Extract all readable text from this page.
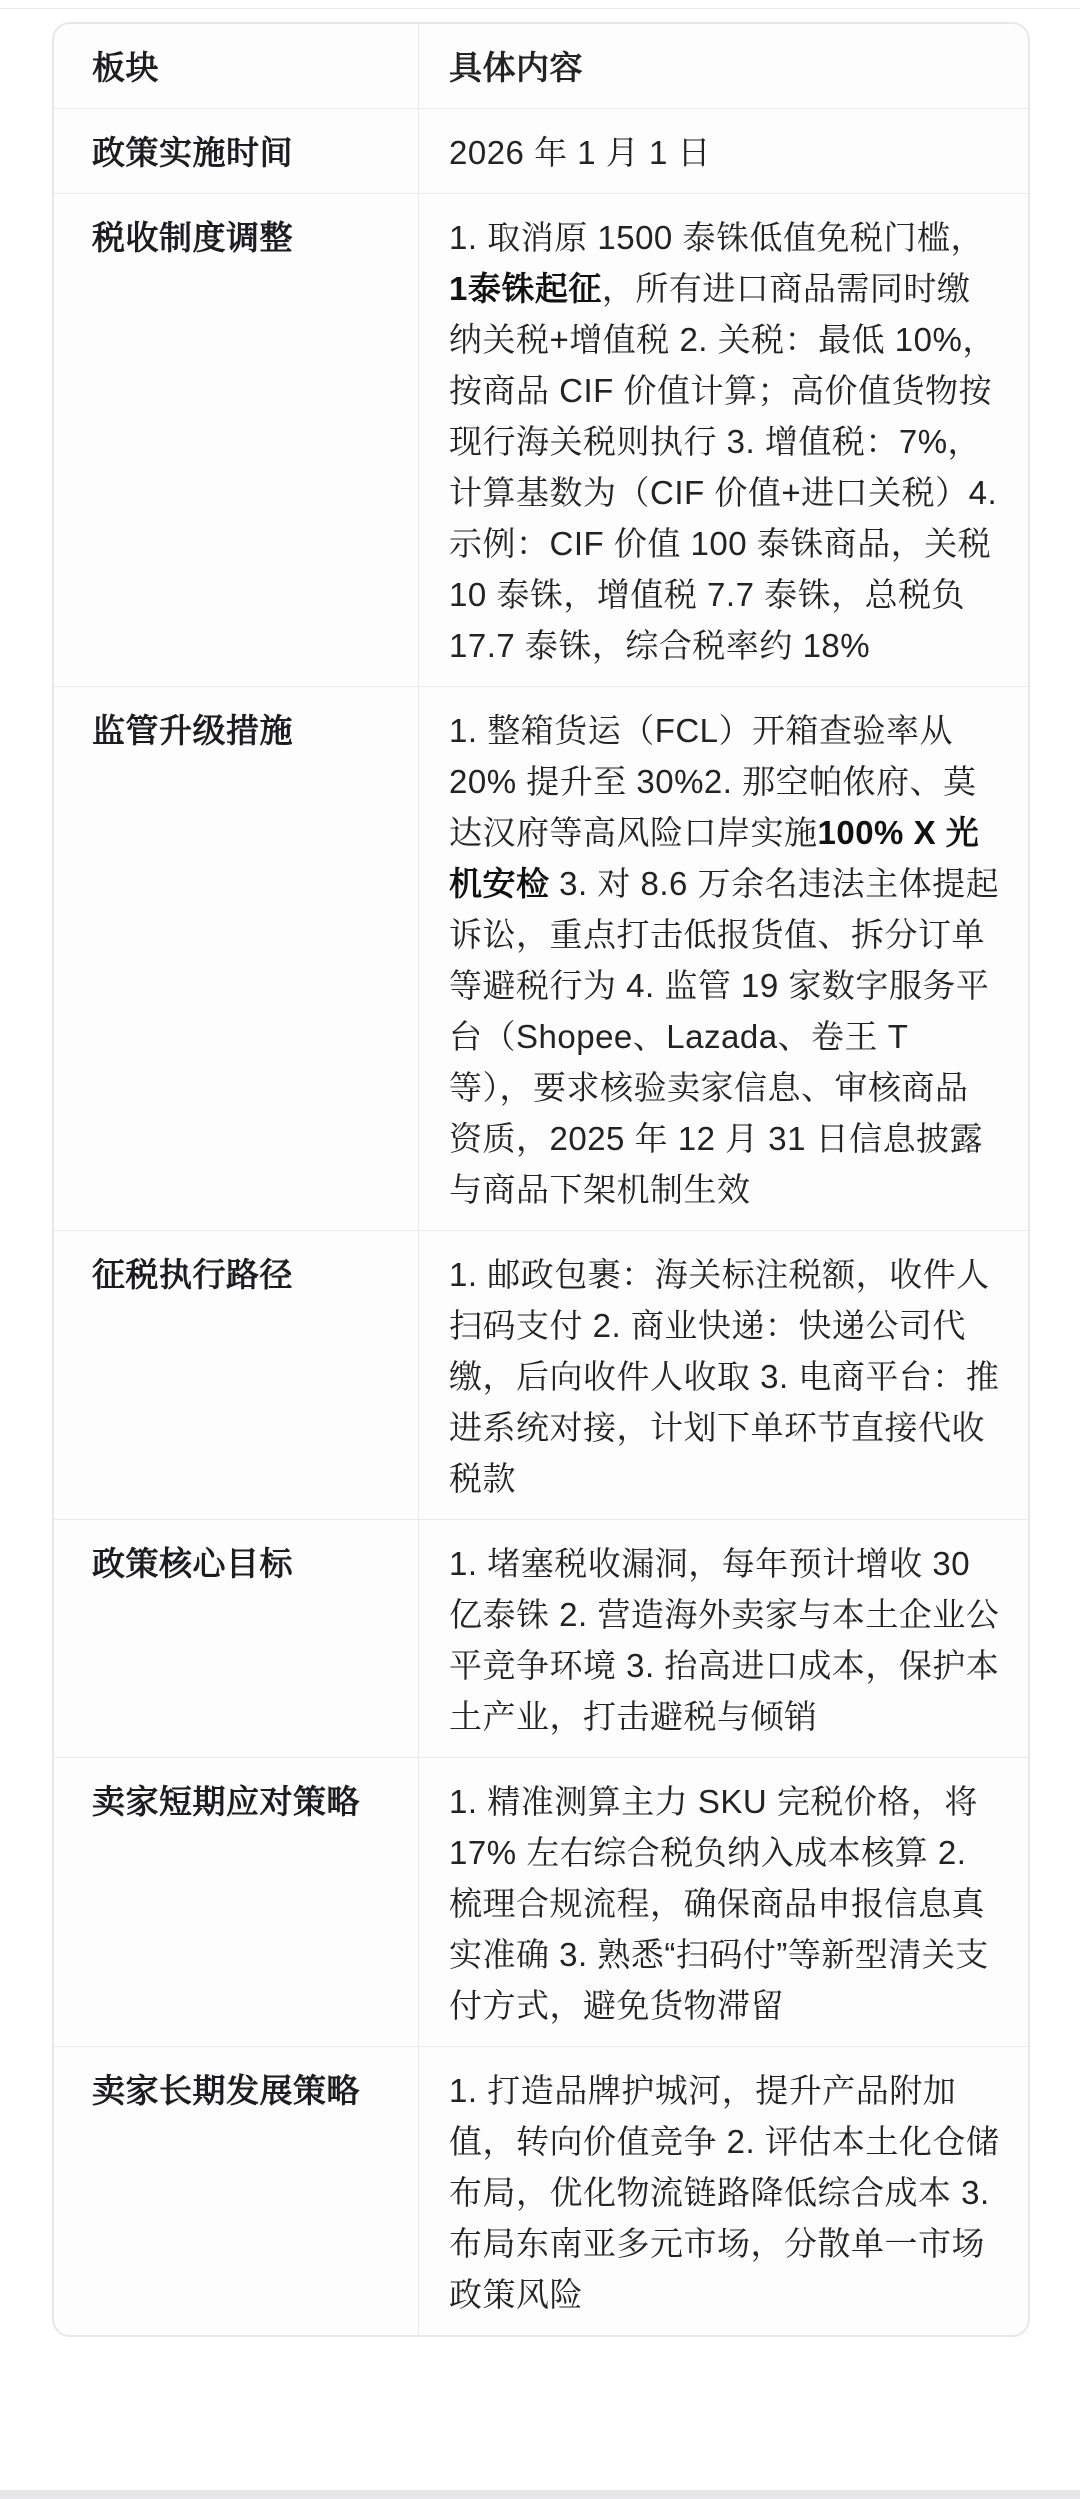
板块	具体内容
政策实施时间	2026 年 1 月 1 日
税收制度调整	1. 取消原 1500 泰铢低值免税门槛，1泰铢起征，所有进口商品需同时缴纳关税+增值税 2. 关税：最低 10%，按商品 CIF 价值计算；高价值货物按现行海关税则执行 3. 增值税：7%，计算基数为（CIF 价值+进口关税）4. 示例：CIF 价值 100 泰铢商品，关税 10 泰铢，增值税 7.7 泰铢，总税负 17.7 泰铢，综合税率约 18%
监管升级措施	1. 整箱货运（FCL）开箱查验率从 20% 提升至 30%2. 那空帕侬府、莫达汉府等高风险口岸实施100% X 光机安检 3. 对 8.6 万余名违法主体提起诉讼，重点打击低报货值、拆分订单等避税行为 4. 监管 19 家数字服务平台（Shopee、Lazada、卷王 T 等），要求核验卖家信息、审核商品资质，2025 年 12 月 31 日信息披露与商品下架机制生效
征税执行路径	1. 邮政包裹：海关标注税额，收件人扫码支付 2. 商业快递：快递公司代缴，后向收件人收取 3. 电商平台：推进系统对接，计划下单环节直接代收税款
政策核心目标	1. 堵塞税收漏洞，每年预计增收 30 亿泰铢 2. 营造海外卖家与本土企业公平竞争环境 3. 抬高进口成本，保护本土产业，打击避税与倾销
卖家短期应对策略	1. 精准测算主力 SKU 完税价格，将 17% 左右综合税负纳入成本核算 2. 梳理合规流程，确保商品申报信息真实准确 3. 熟悉“扫码付”等新型清关支付方式，避免货物滞留
卖家长期发展策略	1. 打造品牌护城河，提升产品附加值，转向价值竞争 2. 评估本土化仓储布局，优化物流链路降低综合成本 3. 布局东南亚多元市场，分散单一市场政策风险
